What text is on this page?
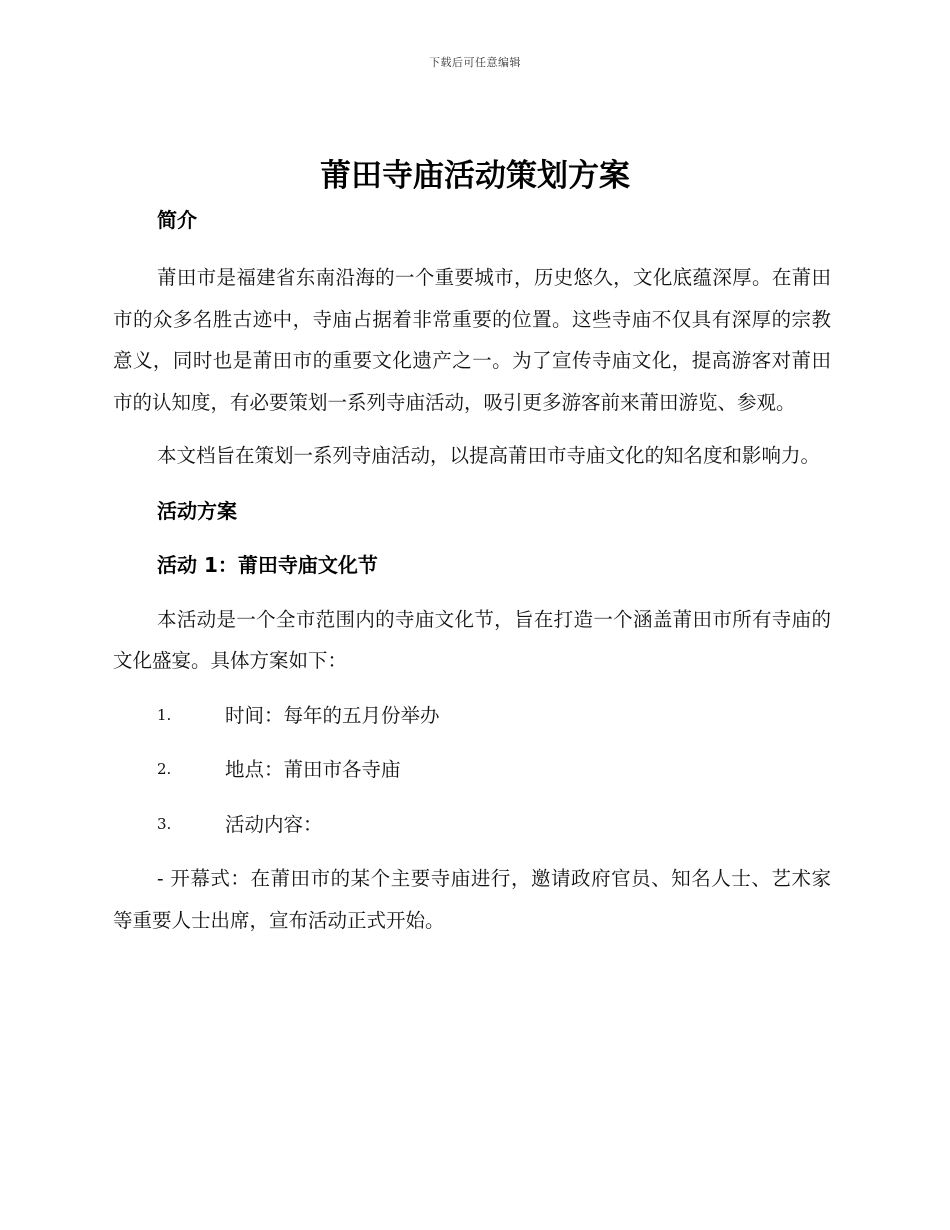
下载后可任意编辑
莆田寺庙活动策划方案
简介

莆田市是福建省东南沿海的一个重要城市，历史悠久，文化底蕴深厚。在莆田市的众多名胜古迹中，寺庙占据着非常重要的位置。这些寺庙不仅具有深厚的宗教意义，同时也是莆田市的重要文化遗产之一。为了宣传寺庙文化，提高游客对莆田市的认知度，有必要策划一系列寺庙活动，吸引更多游客前来莆田游览、参观。

本文档旨在策划一系列寺庙活动，以提高莆田市寺庙文化的知名度和影响力。

活动方案
活动 1：莆田寺庙文化节

本活动是一个全市范围内的寺庙文化节，旨在打造一个涵盖莆田市所有寺庙的文化盛宴。具体方案如下：

1.	时间：每年的五月份举办
2.	地点：莆田市各寺庙
3.	活动内容：

- 开幕式：在莆田市的某个主要寺庙进行，邀请政府官员、知名人士、艺术家等重要人士出席，宣布活动正式开始。
